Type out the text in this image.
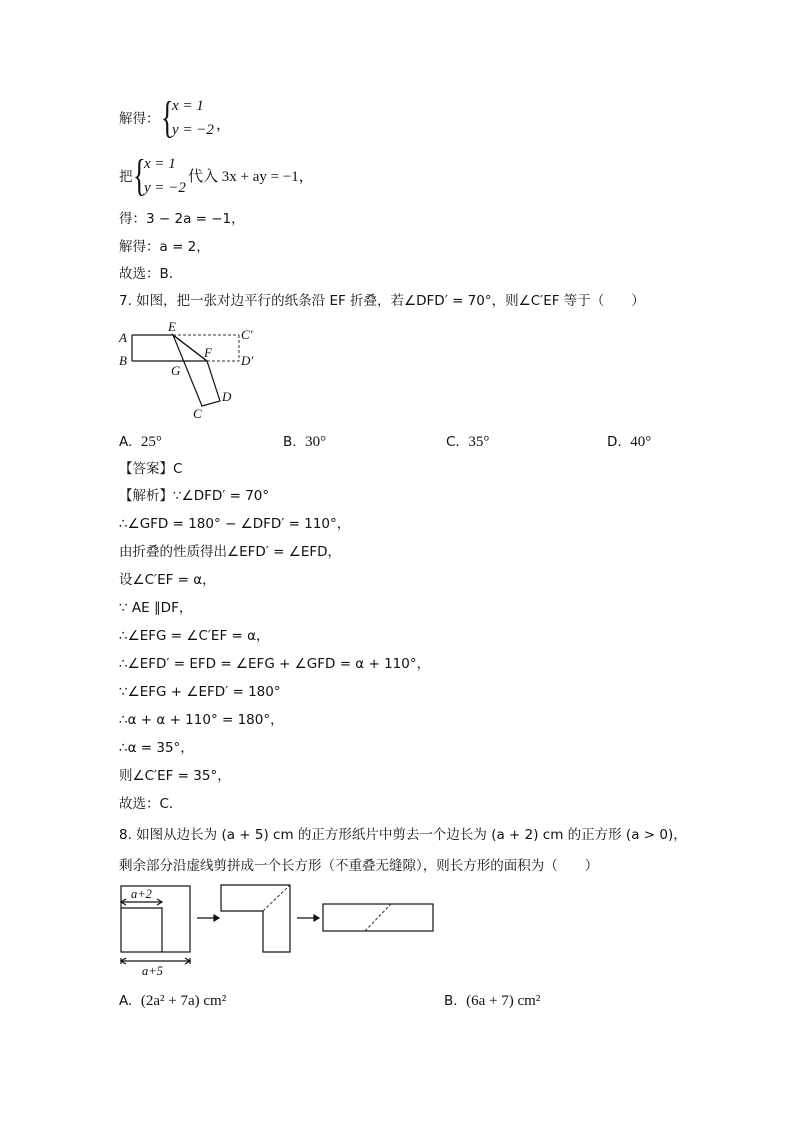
解得： {
x = 1
y = −2 ，
把 {
x = 1
y = −2
代入 3x + ay = −1，
得：3 − 2a = −1，
解得：a = 2，
故选：B．
7. 如图，把一张对边平行的纸条沿 EF 折叠，若∠DFD′ = 70°，则∠C′EF 等于（　　）
A
B
E
C′
F
D′
G
D
C
A. 25°	B. 30°	C. 35°	D. 40°
【答案】C
【解析】∵∠DFD′ = 70°
∴∠GFD = 180° − ∠DFD′ = 110°，
由折叠的性质得出∠EFD′ = ∠EFD，
设∠C′EF = α，
∵ AE ∥DF，
∴∠EFG = ∠C′EF = α，
∴∠EFD′ = EFD = ∠EFG + ∠GFD = α + 110°，
∵∠EFG + ∠EFD′ = 180°
∴α + α + 110° = 180°，
∴α = 35°，
则∠C′EF = 35°，
故选：C．
8. 如图从边长为 (a + 5) cm 的正方形纸片中剪去一个边长为 (a + 2) cm 的正方形 (a > 0)，
剩余部分沿虚线剪拼成一个长方形（不重叠无缝隙），则长方形的面积为（　　）
a+2
a+5
A. (2a² + 7a) cm²	B. (6a + 7) cm²
